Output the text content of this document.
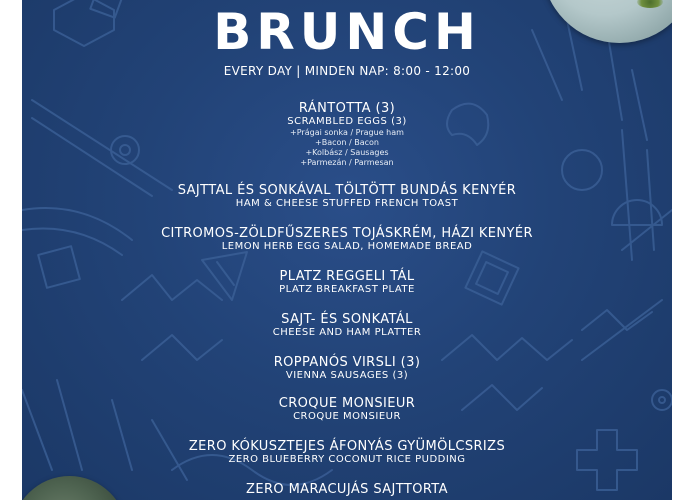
BRUNCH
EVERY DAY | MINDEN NAP: 8:00 - 12:00
RÁNTOTTA (3)
SCRAMBLED EGGS (3)
+Prágai sonka / Prague ham
+Bacon / Bacon
+Kolbász / Sausages
+Parmezán / Parmesan
SAJTTAL ÉS SONKÁVAL TÖLTÖTT BUNDÁS KENYÉR
HAM & CHEESE STUFFED FRENCH TOAST
CITROMOS-ZÖLDFŰSZERES TOJÁSKRÉM, HÁZI KENYÉR
LEMON HERB EGG SALAD, HOMEMADE BREAD
PLATZ REGGELI TÁL
PLATZ BREAKFAST PLATE
SAJT- ÉS SONKATÁL
CHEESE AND HAM PLATTER
ROPPANÓS VIRSLI (3)
VIENNA SAUSAGES (3)
CROQUE MONSIEUR
CROQUE MONSIEUR
ZERO KÓKUSZTEJES ÁFONYÁS GYÜMÖLCSRIZS
ZERO BLUEBERRY COCONUT RICE PUDDING
ZERO MARACUJÁS SAJTTORTA
